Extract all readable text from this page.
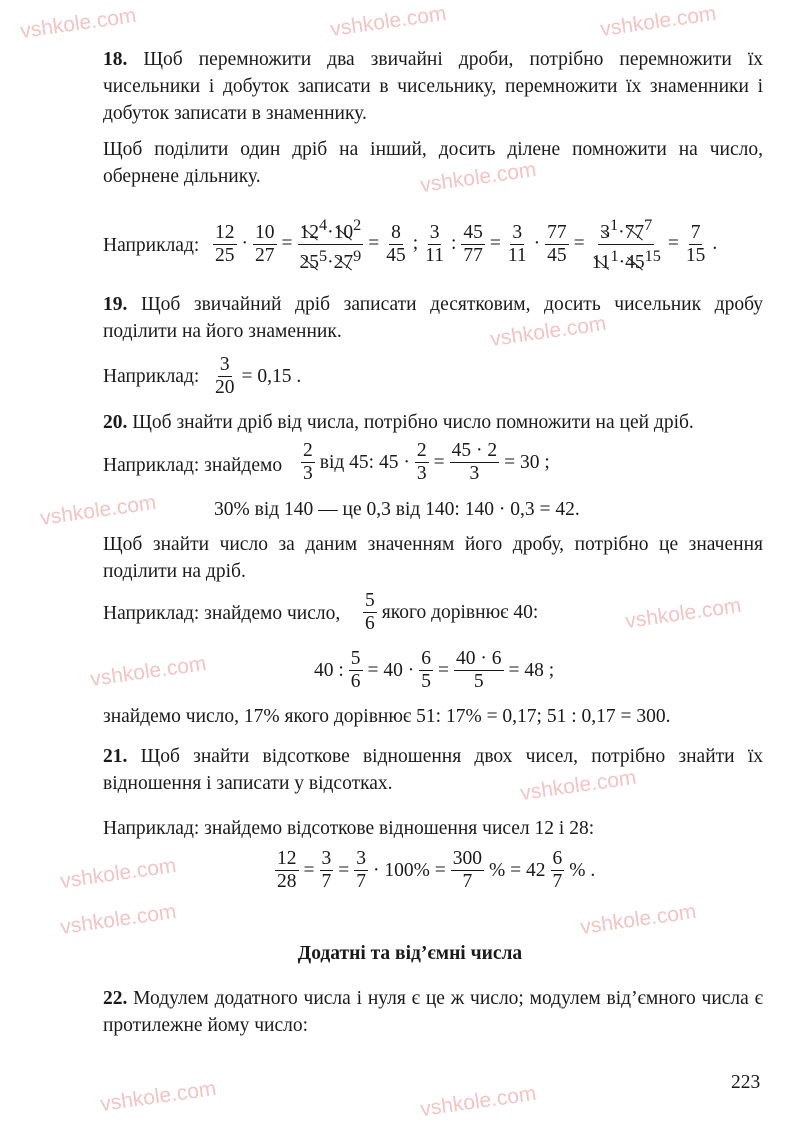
vshkole.com	vshkole.com	vshkole.com
vshkole.com
vshkole.com
vshkole.com
vshkole.com
vshkole.com
vshkole.com
vshkole.com
vshkole.com	vshkole.com
vshkole.com	vshkole.com
18. Щоб перемножити два звичайні дроби, потрібно перемножити їх чисельники і добуток записати в чисельнику, перемножити їх знаменники і добуток записати в знаменнику.
Щоб поділити один дріб на інший, досить ділене помножити на число, обернене дільнику.
Наприклад: $\frac{12}{25} \cdot \frac{10}{27} = \frac{12^4\cdot 10^2}{25^5\cdot 27^9} = \frac{8}{45}$ ; $\frac{3}{11}$ : $\frac{45}{77} = \frac{3}{11} \cdot \frac{77}{45} = \frac{3^1\cdot 77^7}{11^1\cdot 45^{15}} = \frac{7}{15}$ .
19. Щоб звичайний дріб записати десятковим, досить чисельник дробу поділити на його знаменник.
Наприклад: $\frac{3}{20} = 0,15$ .
20. Щоб знайти дріб від числа, потрібно число помножити на цей дріб.
Наприклад: знайдемо $\frac{2}{3}$ від 45: $45 \cdot \frac{2}{3} = \frac{45 \cdot 2}{3} = 30$ ;
30% від 140 — це 0,3 від 140: 140 · 0,3 = 42.
Щоб знайти число за даним значенням його дробу, потрібно це значення поділити на дріб.
Наприклад: знайдемо число, $\frac{5}{6}$ якого дорівнює 40:
40 : $\frac{5}{6} = 40 \cdot \frac{6}{5} = \frac{40 \cdot 6}{5} = 48$ ;
знайдемо число, 17% якого дорівнює 51: 17% = 0,17; 51 : 0,17 = 300.
21. Щоб знайти відсоткове відношення двох чисел, потрібно знайти їх відношення і записати у відсотках.
Наприклад: знайдемо відсоткове відношення чисел 12 і 28:
$\frac{12}{28} = \frac{3}{7} = \frac{3}{7} \cdot 100\% = \frac{300}{7}$ % = $42 \frac{6}{7}$ % .
Додатні та від’ємні числа
22. Модулем додатного числа і нуля є це ж число; модулем від’ємного числа є протилежне йому число:
223
